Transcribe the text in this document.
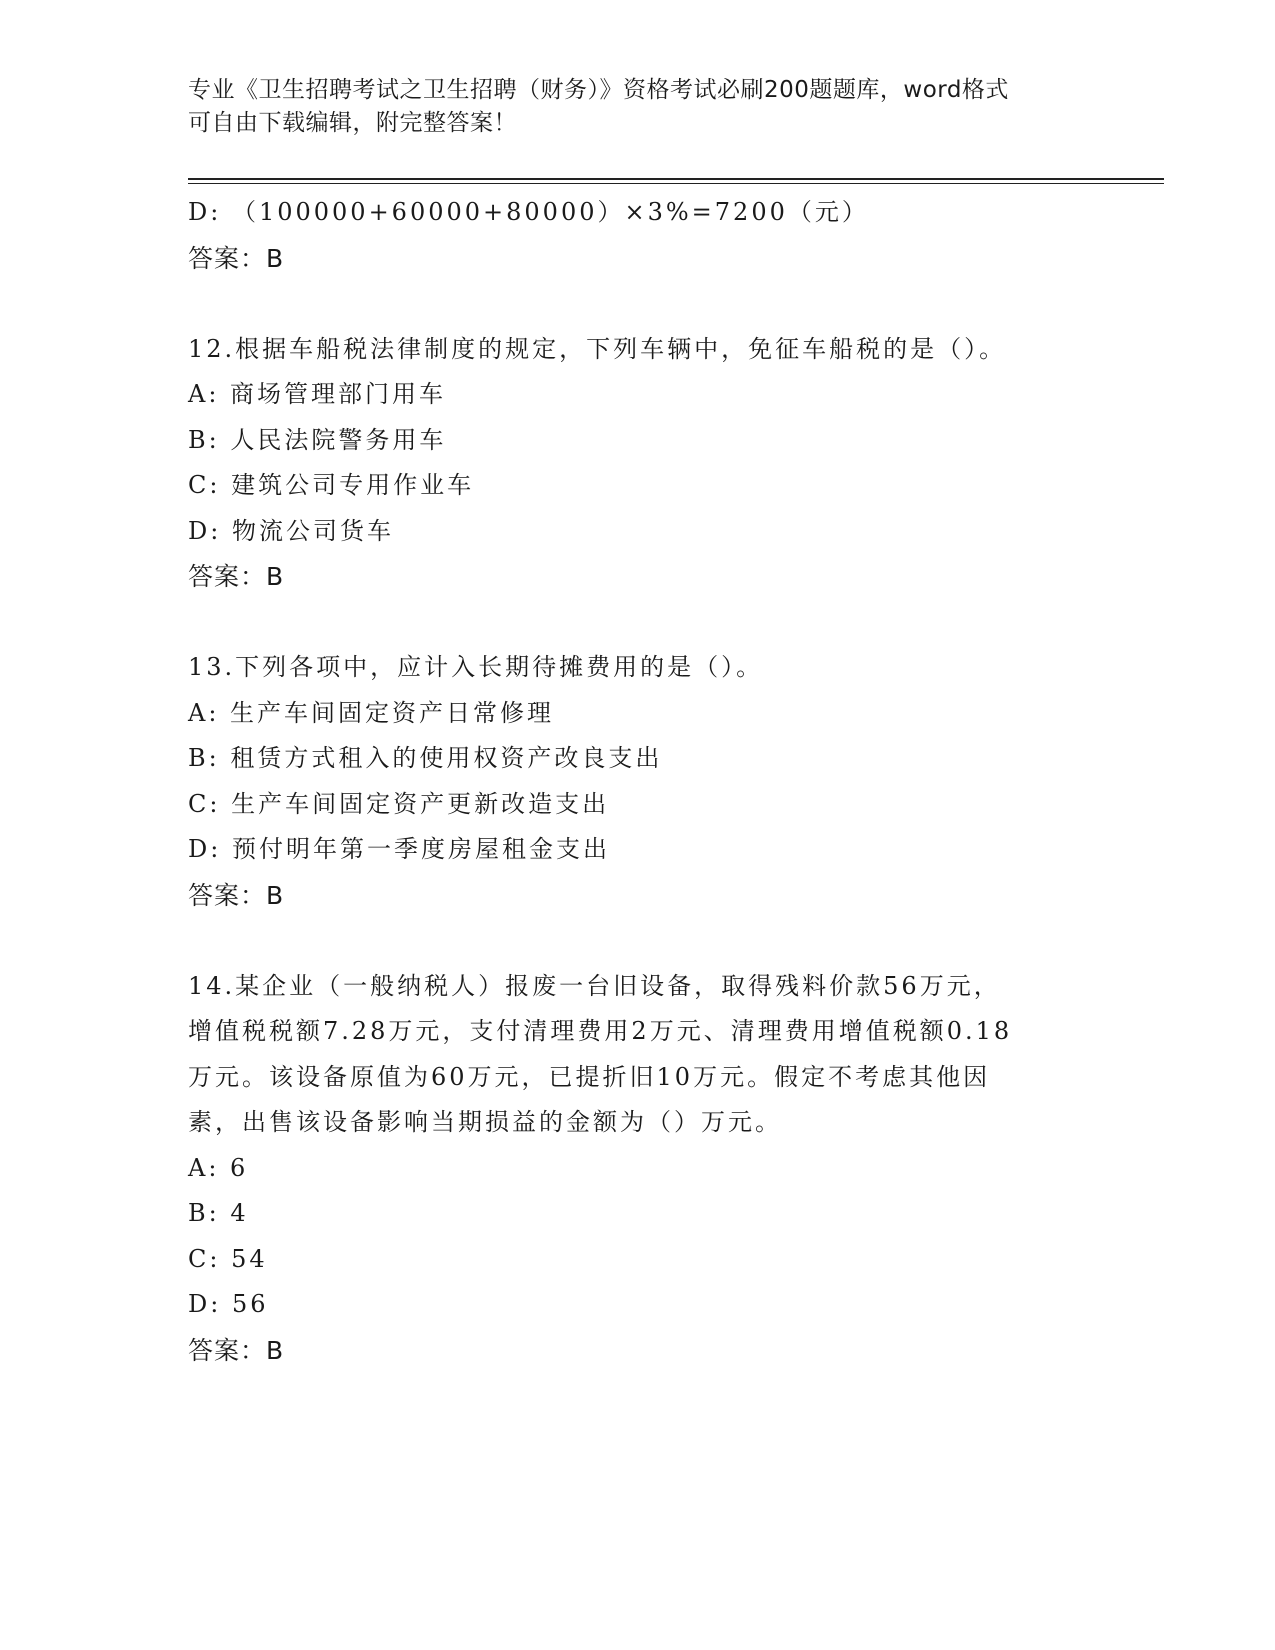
专业《卫生招聘考试之卫生招聘（财务）》资格考试必刷200题题库，word格式
可自由下载编辑，附完整答案！
D: （100000+60000+80000）×3%=7200（元）
答案：B
12.根据车船税法律制度的规定，下列车辆中，免征车船税的是（）。
A: 商场管理部门用车
B: 人民法院警务用车
C: 建筑公司专用作业车
D: 物流公司货车
答案：B
13.下列各项中，应计入长期待摊费用的是（）。
A: 生产车间固定资产日常修理
B: 租赁方式租入的使用权资产改良支出
C: 生产车间固定资产更新改造支出
D: 预付明年第一季度房屋租金支出
答案：B
14.某企业（一般纳税人）报废一台旧设备，取得残料价款56万元，
增值税税额7.28万元，支付清理费用2万元、清理费用增值税额0.18
万元。该设备原值为60万元，已提折旧10万元。假定不考虑其他因
素，出售该设备影响当期损益的金额为（）万元。
A: 6
B: 4
C: 54
D: 56
答案：B
